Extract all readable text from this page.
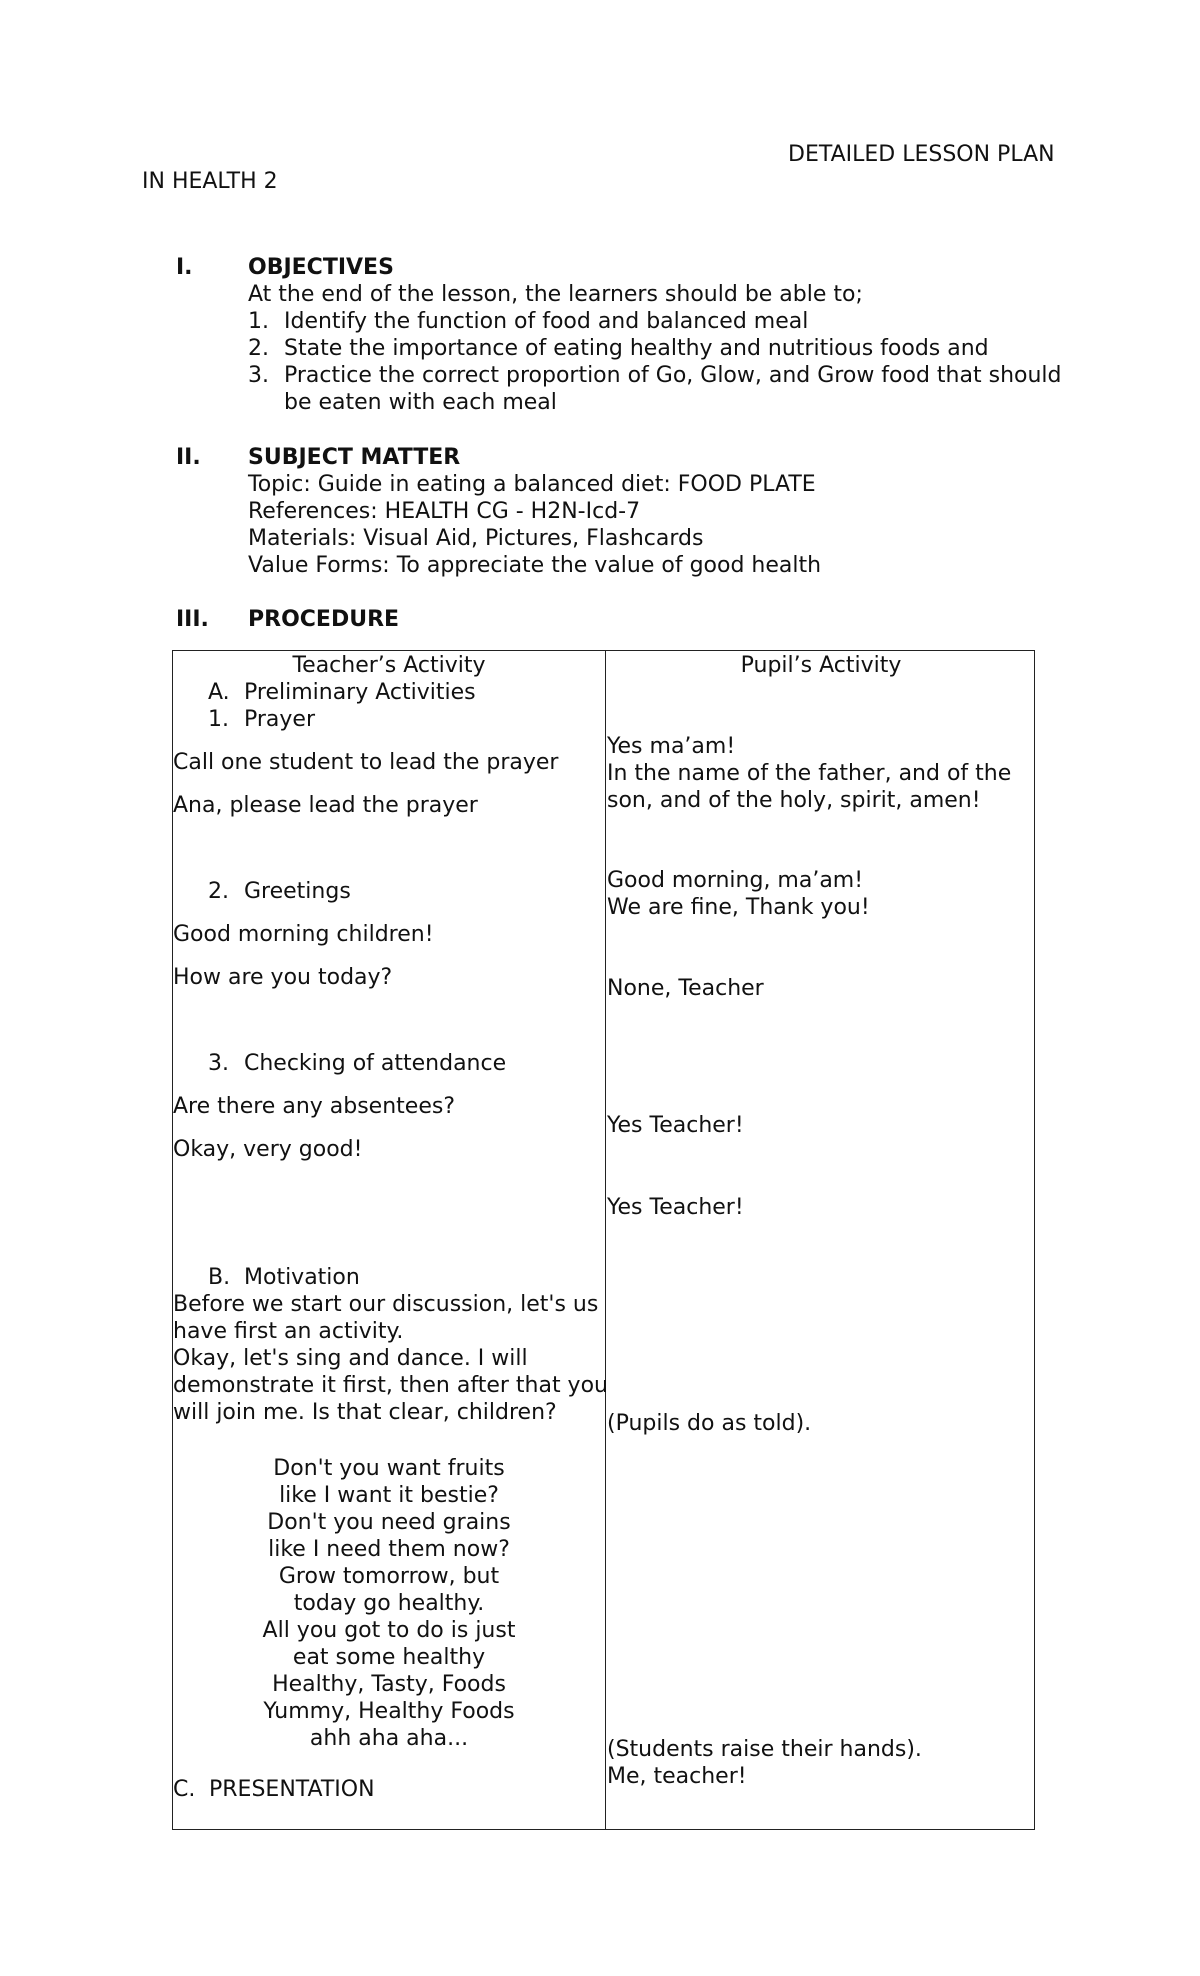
DETAILED LESSON PLAN
IN HEALTH 2
I.	OBJECTIVES
At the end of the lesson, the learners should be able to;
1. Identify the function of food and balanced meal
2. State the importance of eating healthy and nutritious foods and
3. Practice the correct proportion of Go, Glow, and Grow food that should
be eaten with each meal
II. SUBJECT MATTER
Topic: Guide in eating a balanced diet: FOOD PLATE
References: HEALTH CG - H2N-Icd-7
Materials: Visual Aid, Pictures, Flashcards
Value Forms: To appreciate the value of good health
III. PROCEDURE
Teacher’s Activity	Pupil’s Activity
A. Preliminary Activities
1. Prayer
Call one student to lead the prayer
Ana, please lead the prayer
2. Greetings
Good morning children!
How are you today?
3. Checking of attendance
Are there any absentees?
Okay, very good!
B. Motivation
Before we start our discussion, let's us
have first an activity.
Okay, let's sing and dance. I will
demonstrate it first, then after that you
will join me. Is that clear, children?
Don't you want fruits
like I want it bestie?
Don't you need grains
like I need them now?
Grow tomorrow, but
today go healthy.
All you got to do is just
eat some healthy
Healthy, Tasty, Foods
Yummy, Healthy Foods
ahh aha aha...
C. PRESENTATION
Yes ma’am!
In the name of the father, and of the
son, and of the holy, spirit, amen!
Good morning, ma’am!
We are fine, Thank you!
None, Teacher
Yes Teacher!
Yes Teacher!
(Pupils do as told).
(Students raise their hands).
Me, teacher!
